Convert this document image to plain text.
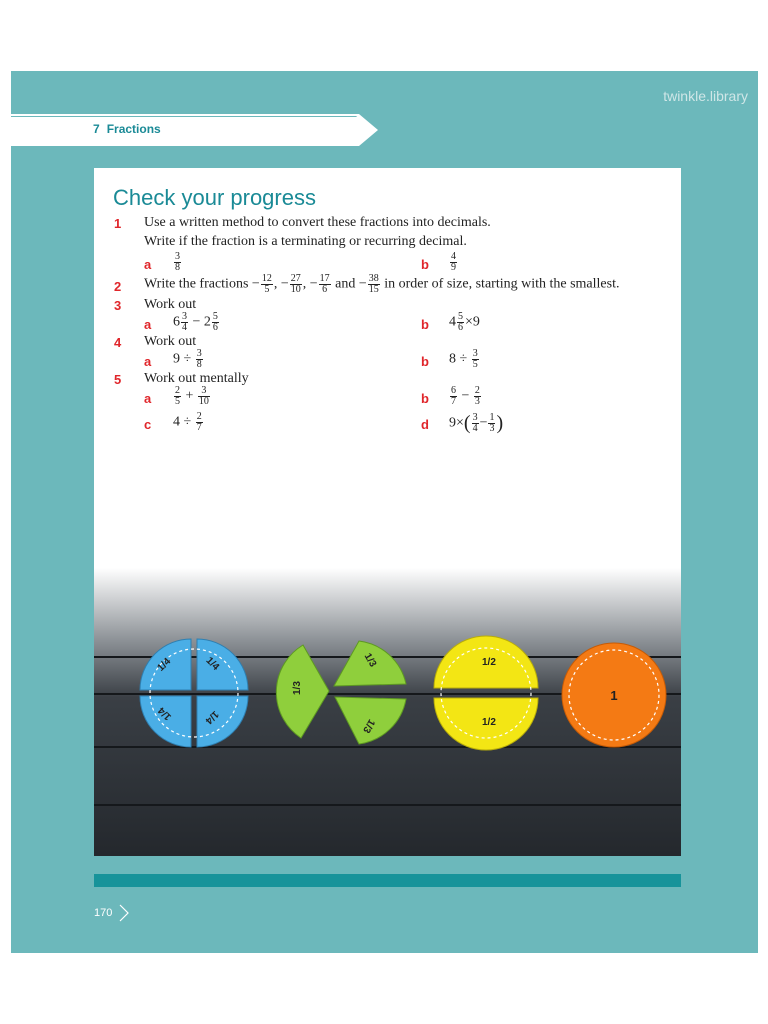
twinkle.library
7 Fractions
Check your progress
1 Use a written method to convert these fractions into decimals.
Write if the fraction is a terminating or recurring decimal.
a $\frac{3}{8}$	b $\frac{4}{9}$
2 Write the fractions − $\frac{12}{5}$ , − $\frac{27}{10}$ , − $\frac{17}{6}$ and − $\frac{38}{15}$ in order of size, starting with the smallest.
3 Work out
a $6 \frac{3}{4} - 2 \frac{5}{6}$	b $4 \frac{5}{6} \times 9$
4 Work out
a $9 \div \frac{3}{8}$	b $8 \div \frac{3}{5}$
5 Work out mentally
a $\frac{2}{5} + \frac{3}{10}$	b $\frac{6}{7} - \frac{2}{3}$
c $4 \div \frac{2}{7}$	d $9\times( \frac{3}{4} - \frac{1}{3}$ )
1/4	1/4
1/4	1/4
1/3
1/3
1/3
1/2
1/2
1
170
